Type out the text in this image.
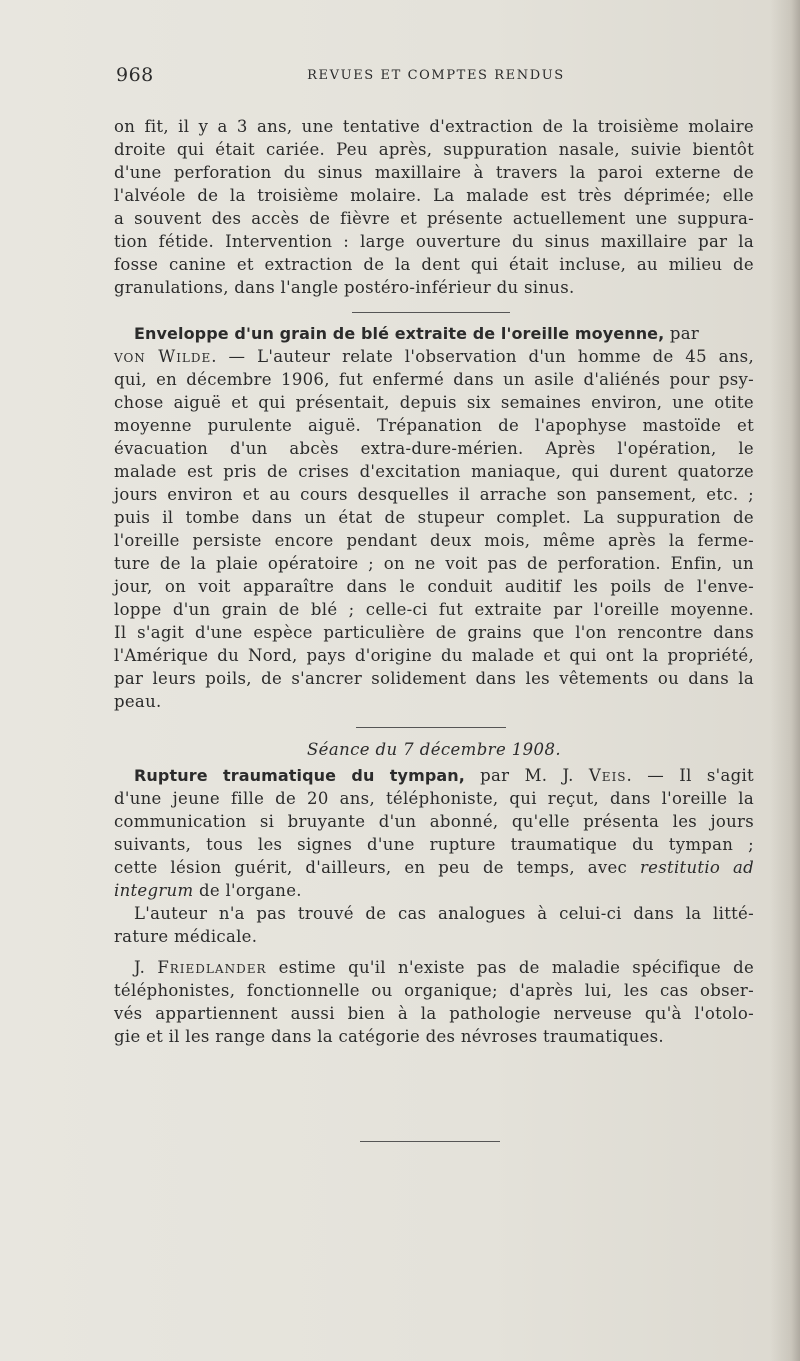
968	REVUES ET COMPTES RENDUS
on fit, il y a 3 ans, une tentative d'extraction de la troisième molaire
droite qui était cariée. Peu après, suppuration nasale, suivie bientôt
d'une perforation du sinus maxillaire à travers la paroi externe de
l'alvéole de la troisième molaire. La malade est très déprimée; elle
a souvent des accès de fièvre et présente actuellement une suppura-
tion fétide. Intervention : large ouverture du sinus maxillaire par la
fosse canine et extraction de la dent qui était incluse, au milieu de
granulations, dans l'angle postéro-inférieur du sinus.
Enveloppe d'un grain de blé extraite de l'oreille moyenne, par
von Wilde. — L'auteur relate l'observation d'un homme de 45 ans,
qui, en décembre 1906, fut enfermé dans un asile d'aliénés pour psy-
chose aiguë et qui présentait, depuis six semaines environ, une otite
moyenne purulente aiguë. Trépanation de l'apophyse mastoïde et
évacuation d'un abcès extra-dure-mérien. Après l'opération, le
malade est pris de crises d'excitation maniaque, qui durent quatorze
jours environ et au cours desquelles il arrache son pansement, etc. ;
puis il tombe dans un état de stupeur complet. La suppuration de
l'oreille persiste encore pendant deux mois, même après la ferme-
ture de la plaie opératoire ; on ne voit pas de perforation. Enfin, un
jour, on voit apparaître dans le conduit auditif les poils de l'enve-
loppe d'un grain de blé ; celle-ci fut extraite par l'oreille moyenne.
Il s'agit d'une espèce particulière de grains que l'on rencontre dans
l'Amérique du Nord, pays d'origine du malade et qui ont la propriété,
par leurs poils, de s'ancrer solidement dans les vêtements ou dans la
peau.
Séance du 7 décembre 1908.
Rupture traumatique du tympan, par M. J. Veis. — Il s'agit
d'une jeune fille de 20 ans, téléphoniste, qui reçut, dans l'oreille la
communication si bruyante d'un abonné, qu'elle présenta les jours
suivants, tous les signes d'une rupture traumatique du tympan ;
cette lésion guérit, d'ailleurs, en peu de temps, avec restitutio ad
integrum de l'organe.
L'auteur n'a pas trouvé de cas analogues à celui-ci dans la litté-
rature médicale.
J. Friedlander estime qu'il n'existe pas de maladie spécifique de
téléphonistes, fonctionnelle ou organique; d'après lui, les cas obser-
vés appartiennent aussi bien à la pathologie nerveuse qu'à l'otolo-
gie et il les range dans la catégorie des névroses traumatiques.
